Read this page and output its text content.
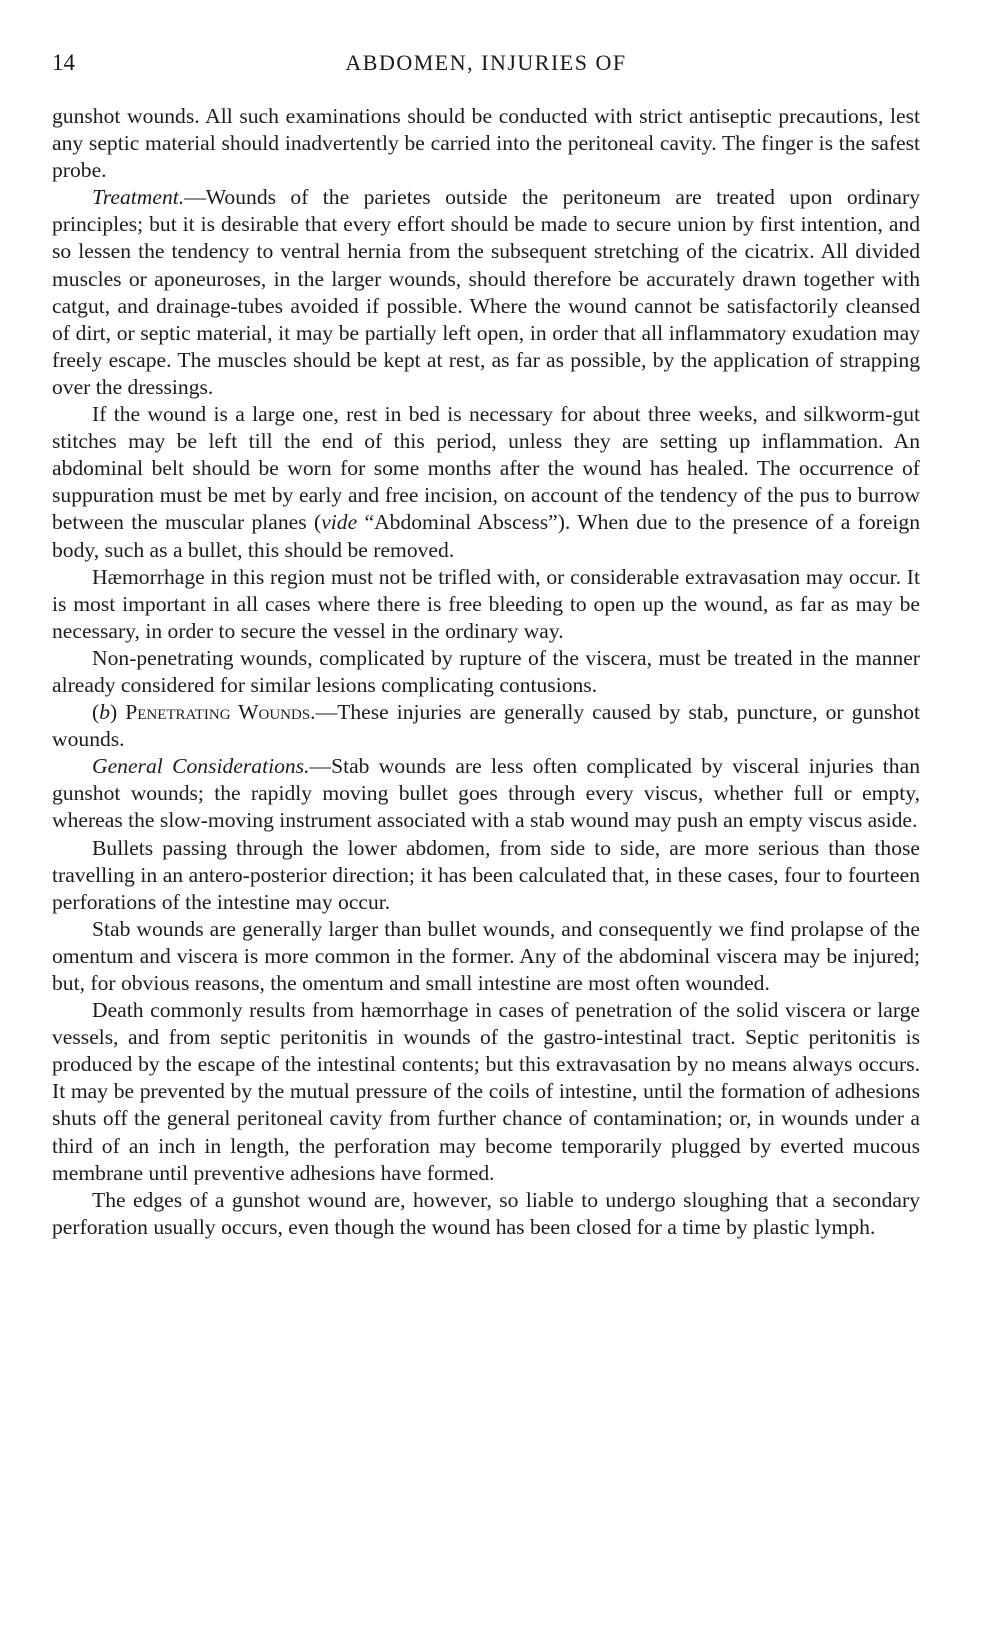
14	ABDOMEN, INJURIES OF

gunshot wounds. All such examinations should be conducted with strict antiseptic precautions, lest any septic material should inadvertently be carried into the peritoneal cavity. The finger is the safest probe.

Treatment.—Wounds of the parietes outside the peritoneum are treated upon ordinary principles; but it is desirable that every effort should be made to secure union by first intention, and so lessen the tendency to ventral hernia from the subsequent stretching of the cicatrix. All divided muscles or aponeuroses, in the larger wounds, should therefore be accurately drawn together with catgut, and drainage-tubes avoided if possible. Where the wound cannot be satisfactorily cleansed of dirt, or septic material, it may be partially left open, in order that all inflammatory exudation may freely escape. The muscles should be kept at rest, as far as possible, by the application of strapping over the dressings.

If the wound is a large one, rest in bed is necessary for about three weeks, and silkworm-gut stitches may be left till the end of this period, unless they are setting up inflammation. An abdominal belt should be worn for some months after the wound has healed. The occurrence of suppuration must be met by early and free incision, on account of the tendency of the pus to burrow between the muscular planes (vide “Abdominal Abscess”). When due to the presence of a foreign body, such as a bullet, this should be removed.

Hæmorrhage in this region must not be trifled with, or considerable extravasation may occur. It is most important in all cases where there is free bleeding to open up the wound, as far as may be necessary, in order to secure the vessel in the ordinary way.

Non-penetrating wounds, complicated by rupture of the viscera, must be treated in the manner already considered for similar lesions complicating contusions.

(b) Penetrating Wounds.—These injuries are generally caused by stab, puncture, or gunshot wounds.

General Considerations.—Stab wounds are less often complicated by visceral injuries than gunshot wounds; the rapidly moving bullet goes through every viscus, whether full or empty, whereas the slow-moving instrument associated with a stab wound may push an empty viscus aside.

Bullets passing through the lower abdomen, from side to side, are more serious than those travelling in an antero-posterior direction; it has been calculated that, in these cases, four to fourteen perforations of the intestine may occur.

Stab wounds are generally larger than bullet wounds, and consequently we find prolapse of the omentum and viscera is more common in the former. Any of the abdominal viscera may be injured; but, for obvious reasons, the omentum and small intestine are most often wounded.

Death commonly results from hæmorrhage in cases of penetration of the solid viscera or large vessels, and from septic peritonitis in wounds of the gastro-intestinal tract. Septic peritonitis is produced by the escape of the intestinal contents; but this extravasation by no means always occurs. It may be prevented by the mutual pressure of the coils of intestine, until the formation of adhesions shuts off the general peritoneal cavity from further chance of contamination; or, in wounds under a third of an inch in length, the perforation may become temporarily plugged by everted mucous membrane until preventive adhesions have formed.

The edges of a gunshot wound are, however, so liable to undergo sloughing that a secondary perforation usually occurs, even though the wound has been closed for a time by plastic lymph.
